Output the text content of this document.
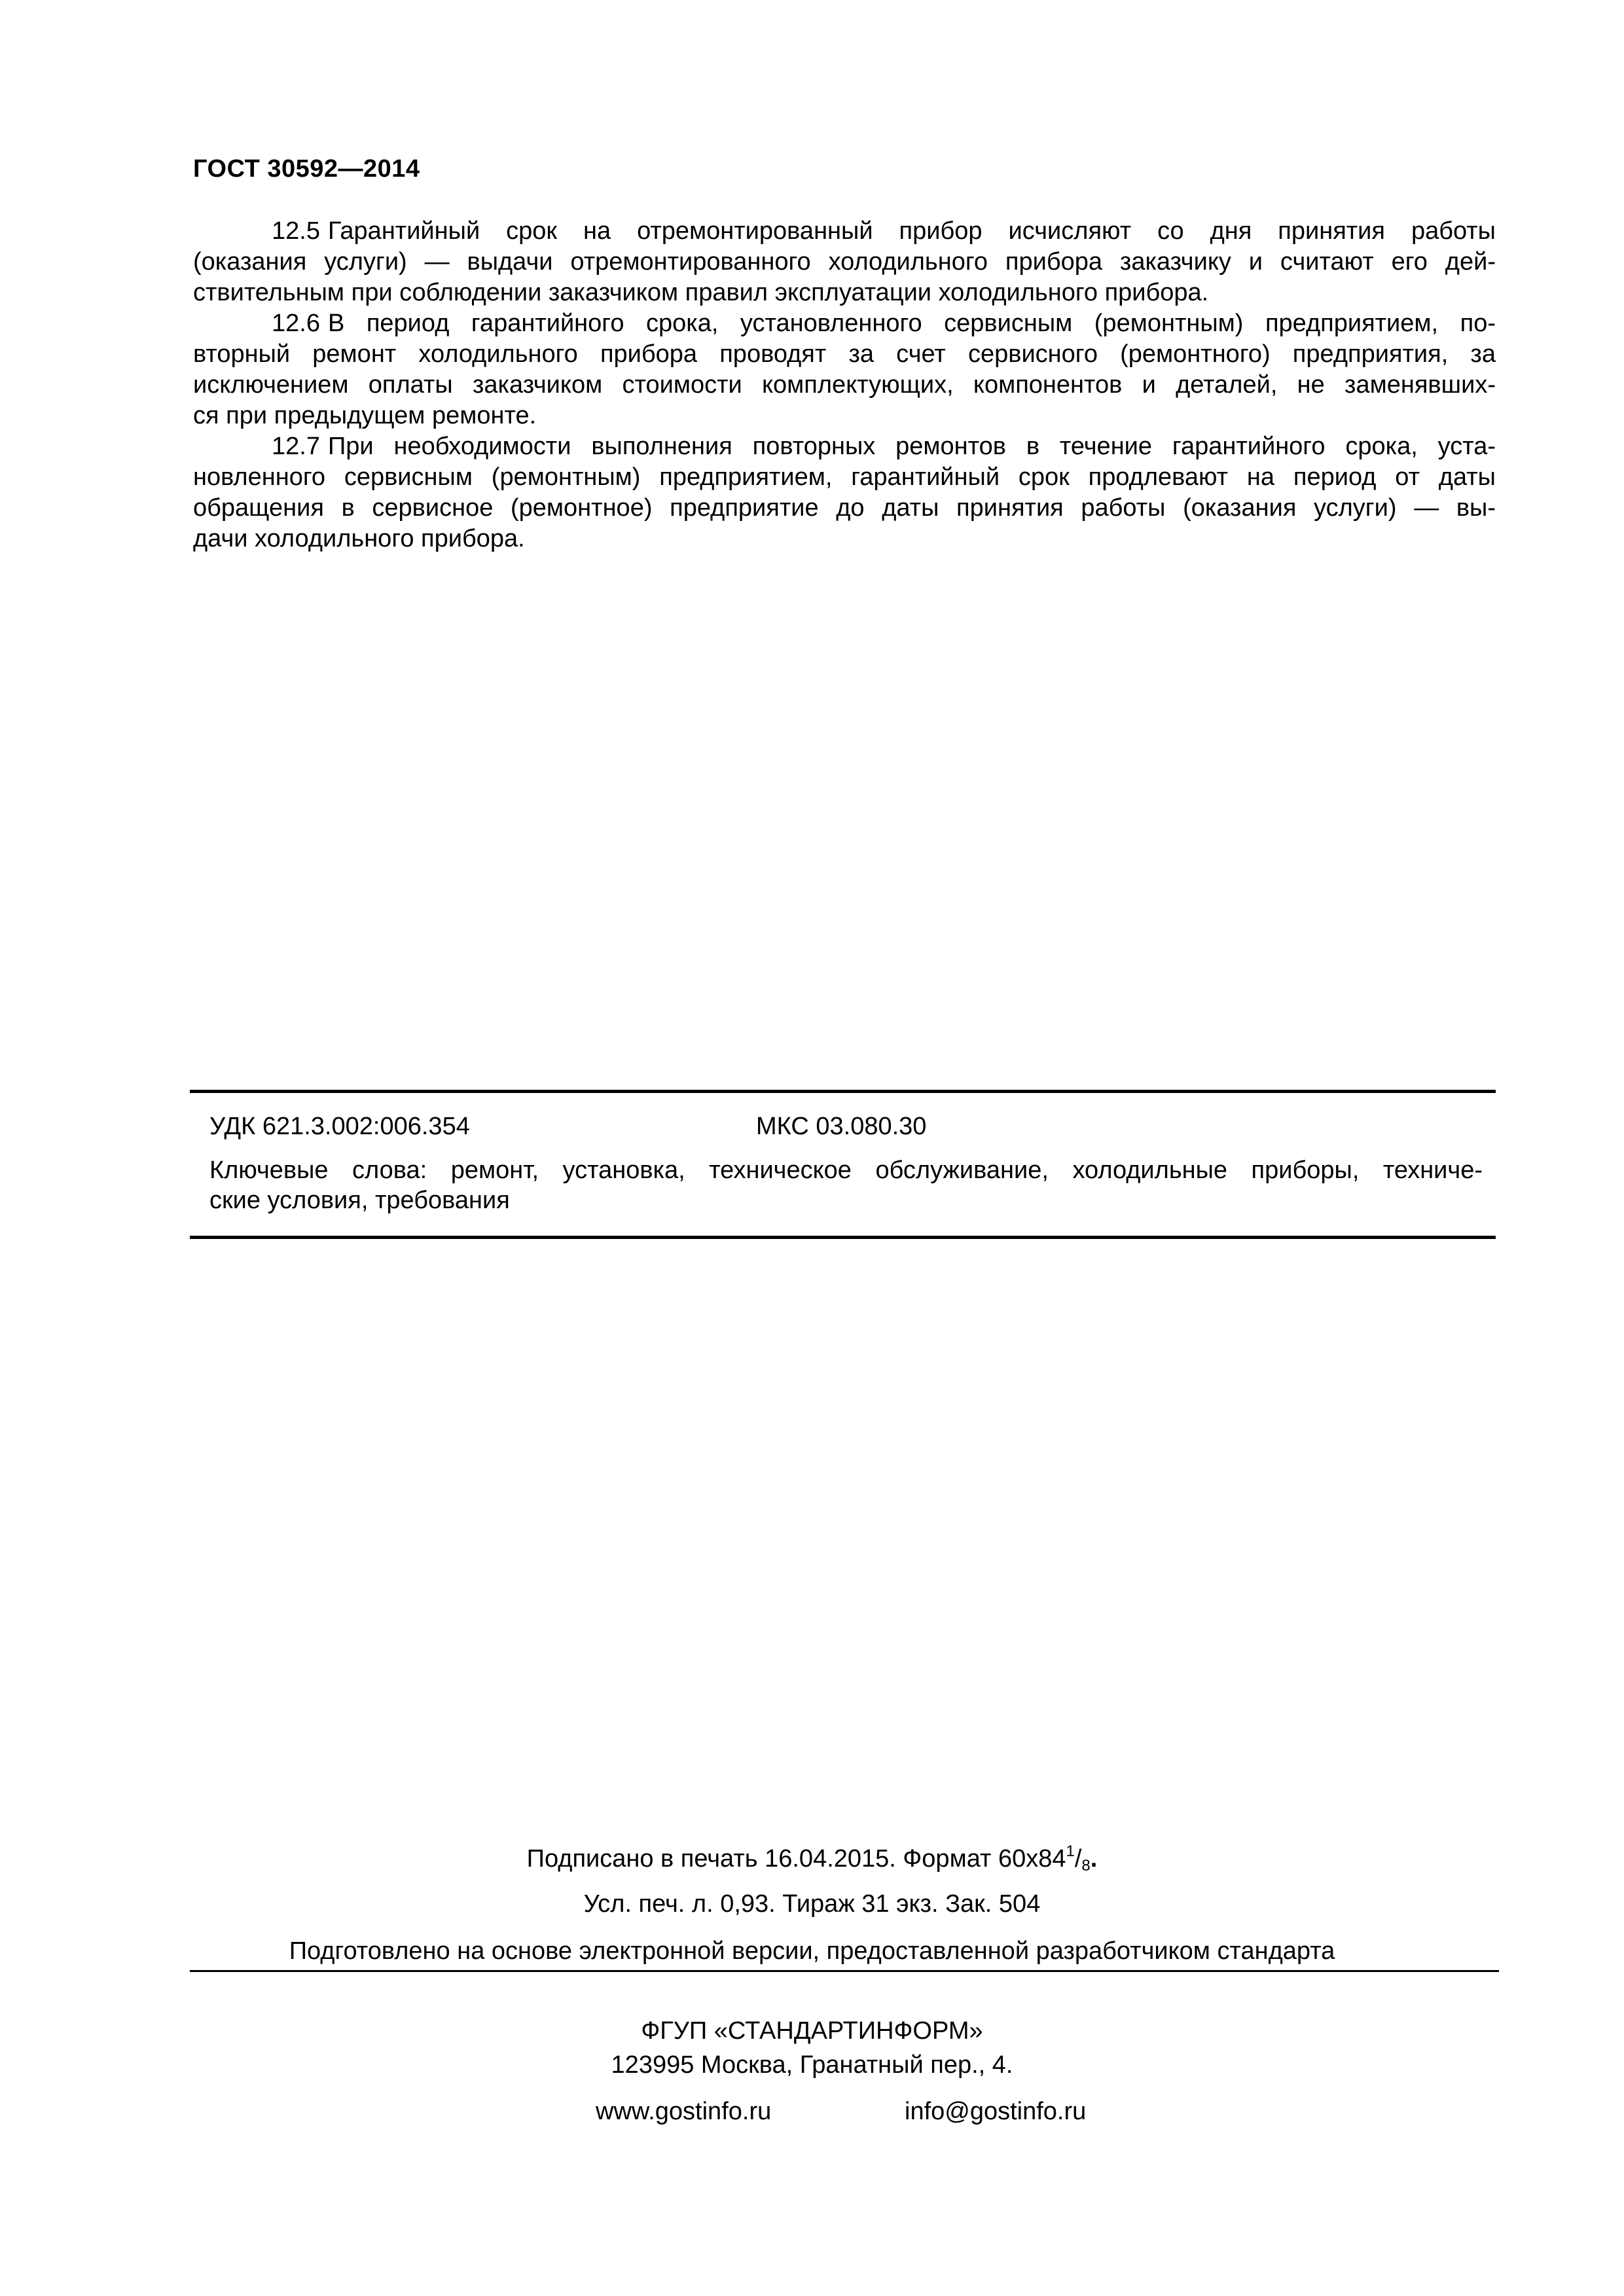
ГОСТ 30592—2014

12.5 Гарантийный срок на отремонтированный прибор исчисляют со дня принятия работы
(оказания услуги) — выдачи отремонтированного холодильного прибора заказчику и считают его дей-
ствительным при соблюдении заказчиком правил эксплуатации холодильного прибора.

12.6 В период гарантийного срока, установленного сервисным (ремонтным) предприятием, по-
вторный ремонт холодильного прибора проводят за счет сервисного (ремонтного) предприятия, за
исключением оплаты заказчиком стоимости комплектующих, компонентов и деталей, не заменявших-
ся при предыдущем ремонте.

12.7 При необходимости выполнения повторных ремонтов в течение гарантийного срока, уста-
новленного сервисным (ремонтным) предприятием, гарантийный срок продлевают на период от даты
обращения в сервисное (ремонтное) предприятие до даты принятия работы (оказания услуги) — вы-
дачи холодильного прибора.

УДК 621.3.002:006.354	МКС 03.080.30
Ключевые слова: ремонт, установка, техническое обслуживание, холодильные приборы, техниче-
ские условия, требования
Подписано в печать 16.04.2015. Формат $60x84^1/_8$.
Усл. печ. л. 0,93. Тираж 31 экз. Зак. 504
Подготовлено на основе электронной версии, предоставленной разработчиком стандарта
ФГУП «СТАНДАРТИНФОРМ»
123995 Москва, Гранатный пер., 4.
www.gostinfo.ru	info@gostinfo.ru
